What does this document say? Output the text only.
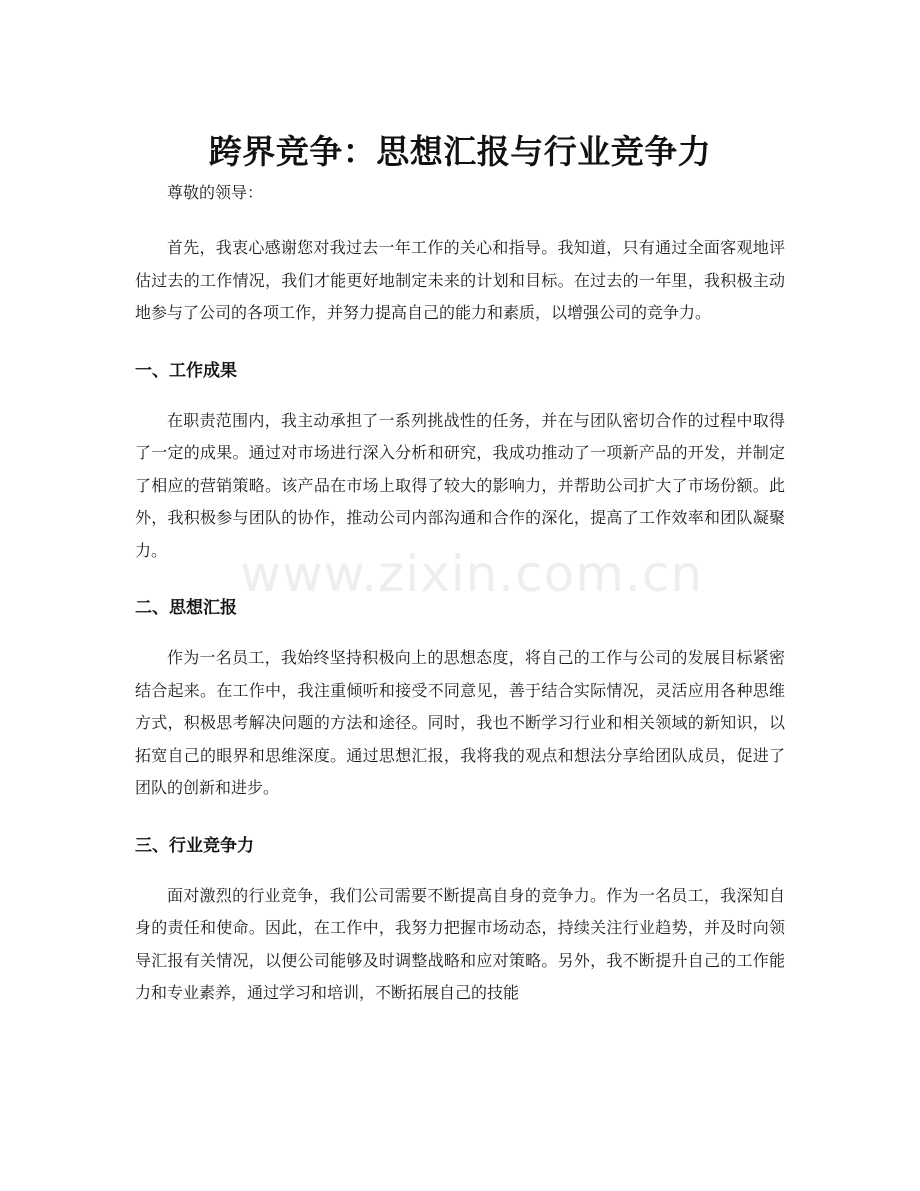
跨界竞争：思想汇报与行业竞争力

尊敬的领导：

首先，我衷心感谢您对我过去一年工作的关心和指导。我知道，只有通过全面客观地评估过去的工作情况，我们才能更好地制定未来的计划和目标。在过去的一年里，我积极主动地参与了公司的各项工作，并努力提高自己的能力和素质，以增强公司的竞争力。

一、工作成果

在职责范围内，我主动承担了一系列挑战性的任务，并在与团队密切合作的过程中取得了一定的成果。通过对市场进行深入分析和研究，我成功推动了一项新产品的开发，并制定了相应的营销策略。该产品在市场上取得了较大的影响力，并帮助公司扩大了市场份额。此外，我积极参与团队的协作，推动公司内部沟通和合作的深化，提高了工作效率和团队凝聚力。

二、思想汇报

作为一名员工，我始终坚持积极向上的思想态度，将自己的工作与公司的发展目标紧密结合起来。在工作中，我注重倾听和接受不同意见，善于结合实际情况，灵活应用各种思维方式，积极思考解决问题的方法和途径。同时，我也不断学习行业和相关领域的新知识，以拓宽自己的眼界和思维深度。通过思想汇报，我将我的观点和想法分享给团队成员，促进了团队的创新和进步。

三、行业竞争力

面对激烈的行业竞争，我们公司需要不断提高自身的竞争力。作为一名员工，我深知自身的责任和使命。因此，在工作中，我努力把握市场动态，持续关注行业趋势，并及时向领导汇报有关情况，以便公司能够及时调整战略和应对策略。另外，我不断提升自己的工作能力和专业素养，通过学习和培训，不断拓展自己的技能

www.zixin.com.cn
